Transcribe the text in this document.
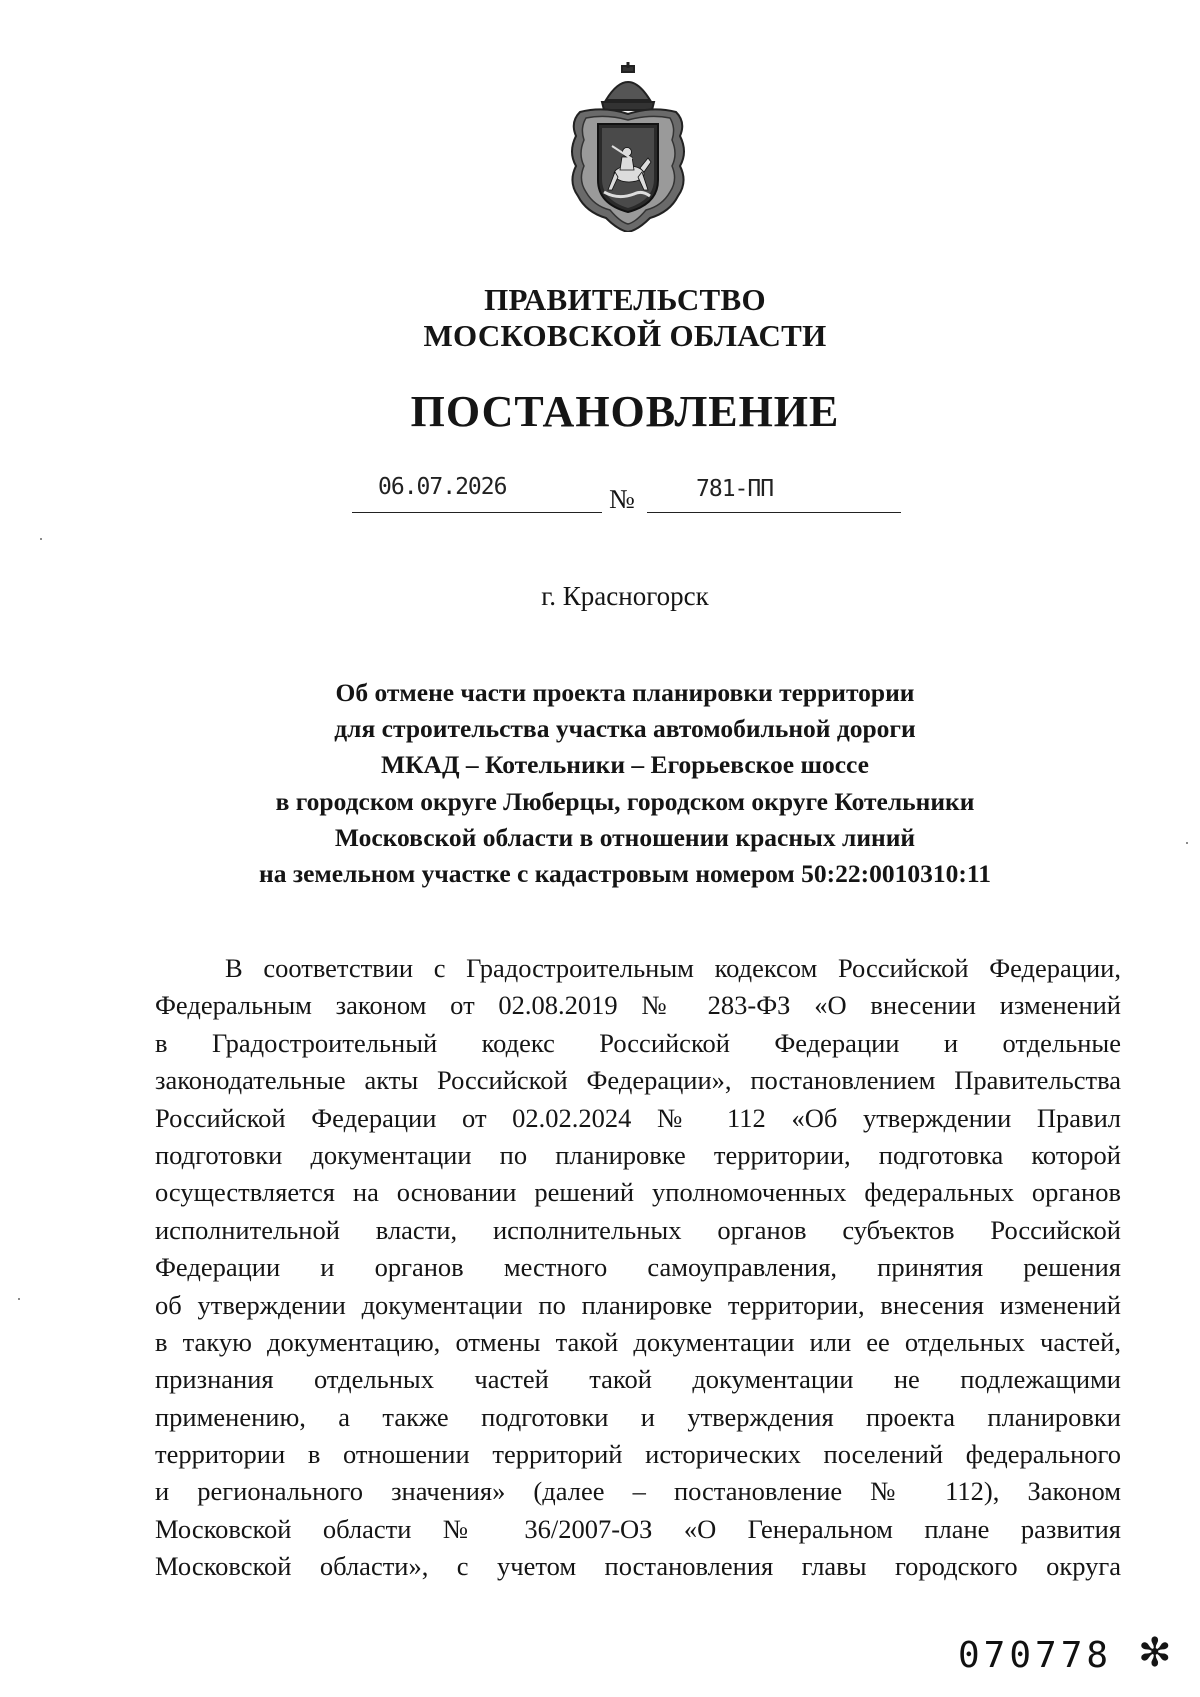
ПРАВИТЕЛЬСТВО
МОСКОВСКОЙ ОБЛАСТИ
ПОСТАНОВЛЕНИЕ
06.07.2026	№	781-ПП
г. Красногорск
Об отмене части проекта планировки территории
для строительства участка автомобильной дороги
МКАД – Котельники – Егорьевское шоссе
в городском округе Люберцы, городском округе Котельники
Московской области в отношении красных линий
на земельном участке с кадастровым номером 50:22:0010310:11
В соответствии с Градостроительным кодексом Российской Федерации,
Федеральным законом от 02.08.2019 № 283-ФЗ «О внесении изменений
в Градостроительный кодекс Российской Федерации и отдельные
законодательные акты Российской Федерации», постановлением Правительства
Российской Федерации от 02.02.2024 № 112 «Об утверждении Правил
подготовки документации по планировке территории, подготовка которой
осуществляется на основании решений уполномоченных федеральных органов
исполнительной власти, исполнительных органов субъектов Российской
Федерации и органов местного самоуправления, принятия решения
об утверждении документации по планировке территории, внесения изменений
в такую документацию, отмены такой документации или ее отдельных частей,
признания отдельных частей такой документации не подлежащими
применению, а также подготовки и утверждения проекта планировки
территории в отношении территорий исторических поселений федерального
и регионального значения» (далее – постановление № 112), Законом
Московской области № 36/2007-ОЗ «О Генеральном плане развития
Московской области», с учетом постановления главы городского округа
070778 ✻
